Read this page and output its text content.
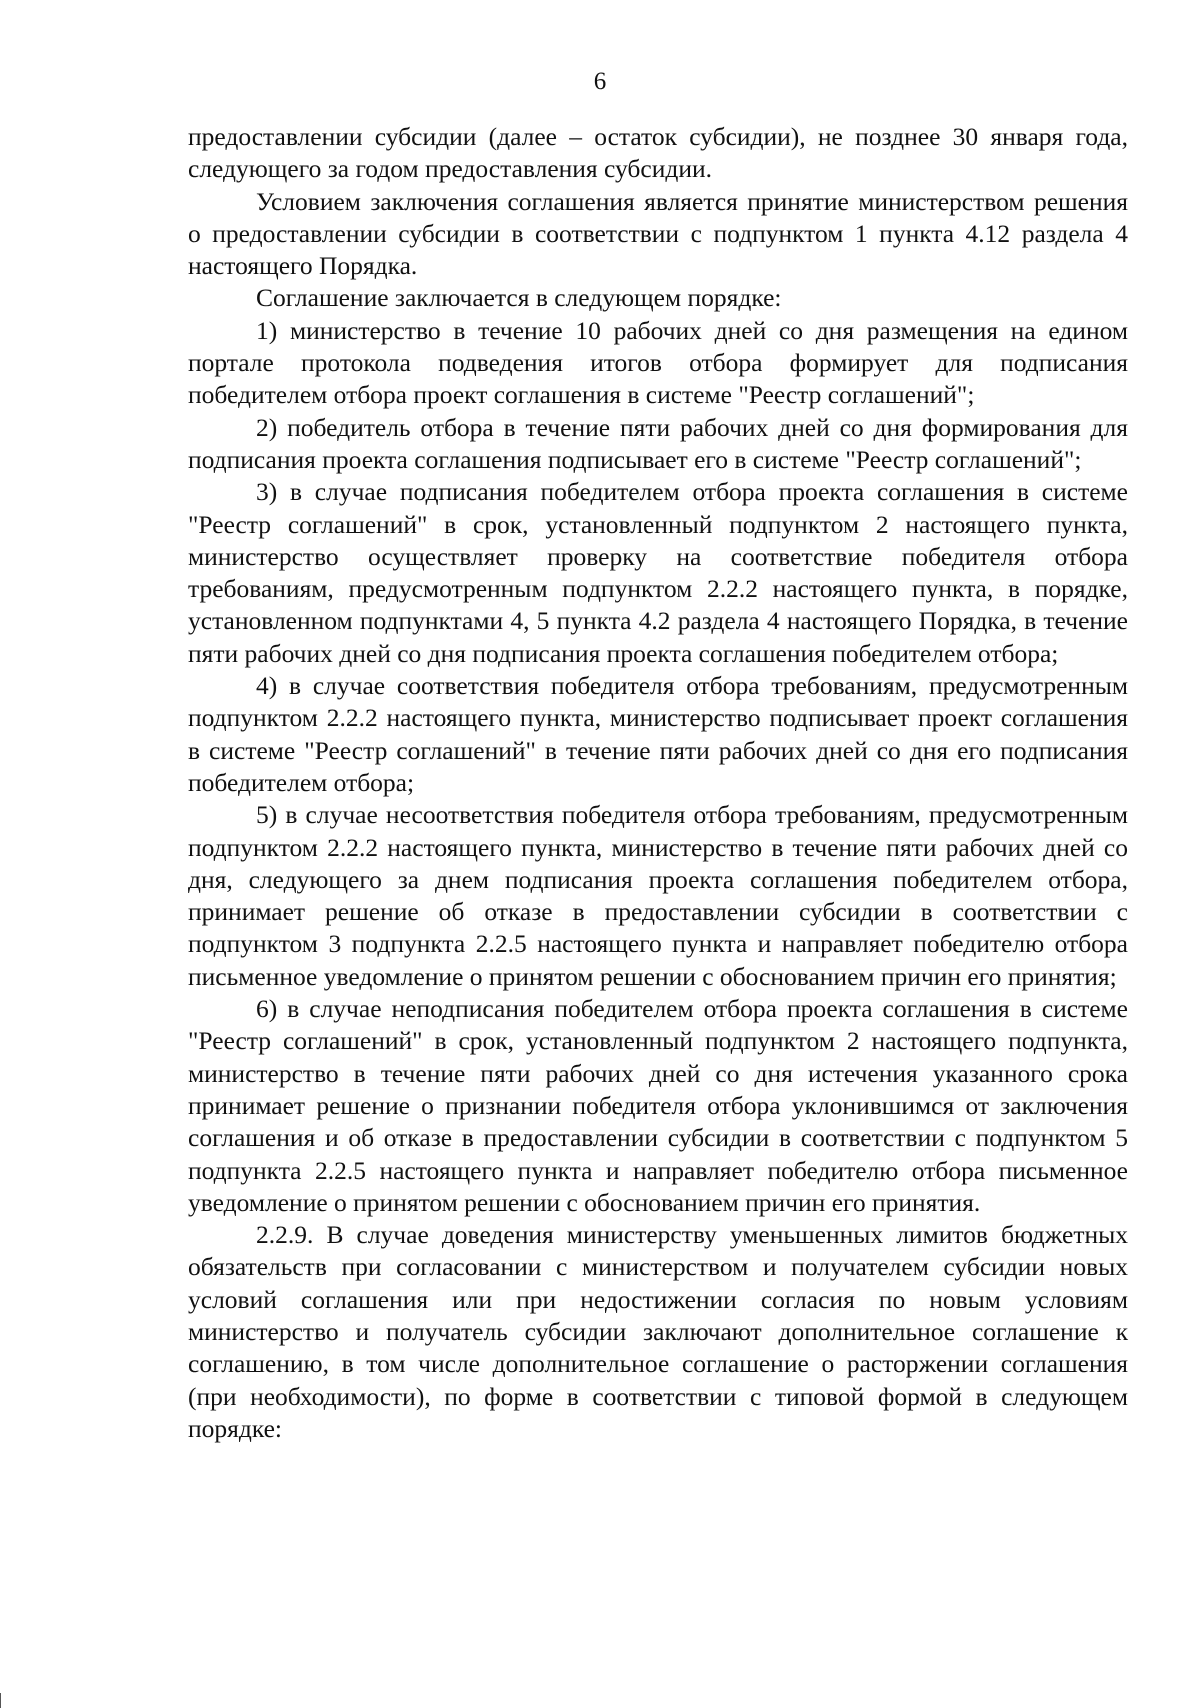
6

предоставлении субсидии (далее – остаток субсидии), не позднее 30 января года, следующего за годом предоставления субсидии.

Условием заключения соглашения является принятие министерством решения о предоставлении субсидии в соответствии с подпунктом 1 пункта 4.12 раздела 4 настоящего Порядка.

Соглашение заключается в следующем порядке:

1) министерство в течение 10 рабочих дней со дня размещения на едином портале протокола подведения итогов отбора формирует для подписания победителем отбора проект соглашения в системе "Реестр соглашений";

2) победитель отбора в течение пяти рабочих дней со дня формирования для подписания проекта соглашения подписывает его в системе "Реестр соглашений";

3) в случае подписания победителем отбора проекта соглашения в системе "Реестр соглашений" в срок, установленный подпунктом 2 настоящего пункта, министерство осуществляет проверку на соответствие победителя отбора требованиям, предусмотренным подпунктом 2.2.2 настоящего пункта, в порядке, установленном подпунктами 4, 5 пункта 4.2 раздела 4 настоящего Порядка, в течение пяти рабочих дней со дня подписания проекта соглашения победителем отбора;

4) в случае соответствия победителя отбора требованиям, предусмотренным подпунктом 2.2.2 настоящего пункта, министерство подписывает проект соглашения в системе "Реестр соглашений" в течение пяти рабочих дней со дня его подписания победителем отбора;

5) в случае несоответствия победителя отбора требованиям, предусмотренным подпунктом 2.2.2 настоящего пункта, министерство в течение пяти рабочих дней со дня, следующего за днем подписания проекта соглашения победителем отбора, принимает решение об отказе в предоставлении субсидии в соответствии с подпунктом 3 подпункта 2.2.5 настоящего пункта и направляет победителю отбора письменное уведомление о принятом решении с обоснованием причин его принятия;

6) в случае неподписания победителем отбора проекта соглашения в системе "Реестр соглашений" в срок, установленный подпунктом 2 настоящего подпункта, министерство в течение пяти рабочих дней со дня истечения указанного срока принимает решение о признании победителя отбора уклонившимся от заключения соглашения и об отказе в предоставлении субсидии в соответствии с подпунктом 5 подпункта 2.2.5 настоящего пункта и направляет победителю отбора письменное уведомление о принятом решении с обоснованием причин его принятия.

2.2.9. В случае доведения министерству уменьшенных лимитов бюджетных обязательств при согласовании с министерством и получателем субсидии новых условий соглашения или при недостижении согласия по новым условиям министерство и получатель субсидии заключают дополнительное соглашение к соглашению, в том числе дополнительное соглашение о расторжении соглашения (при необходимости), по форме в соответствии с типовой формой в следующем порядке:
